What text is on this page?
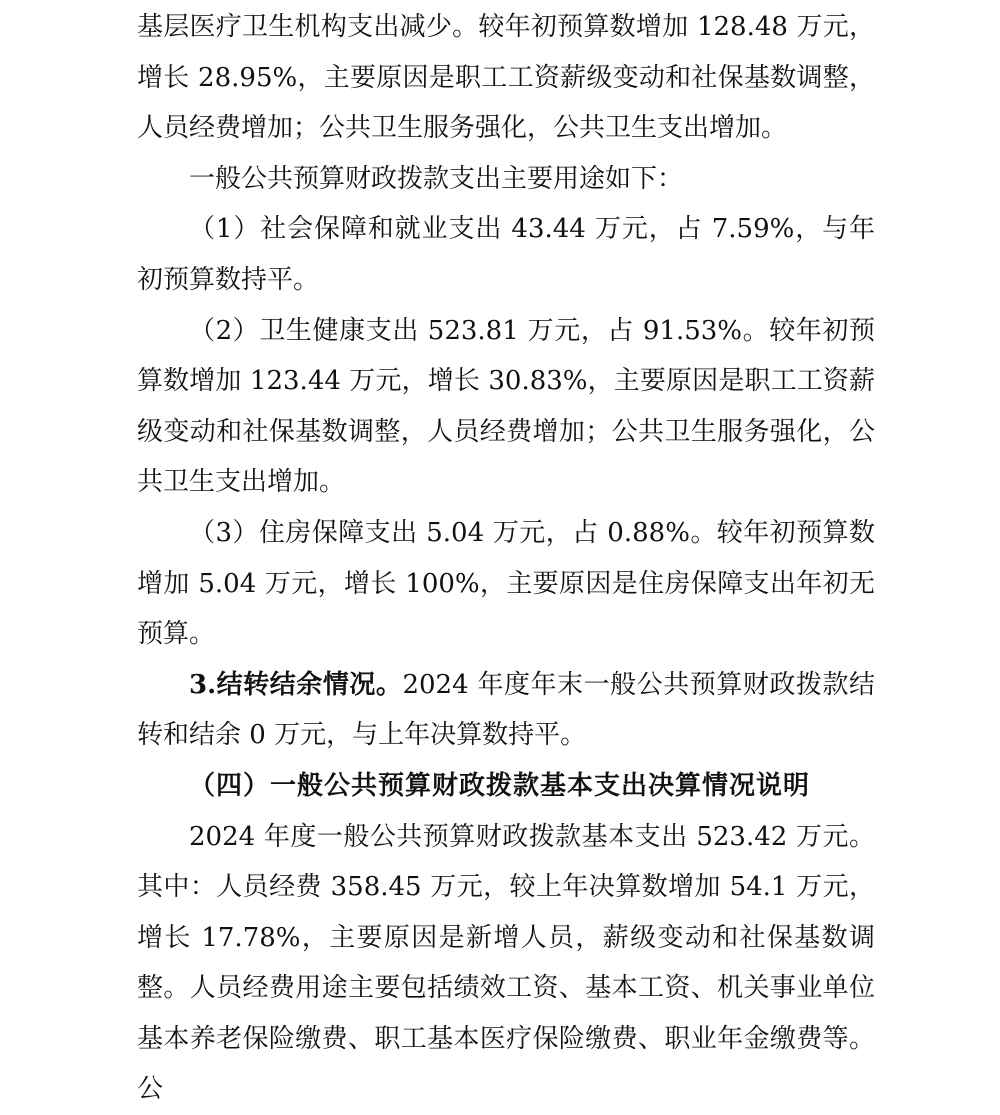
基层医疗卫生机构支出减少。较年初预算数增加 128.48 万元，增长 28.95%，主要原因是职工工资薪级变动和社保基数调整，人员经费增加；公共卫生服务强化，公共卫生支出增加。

一般公共预算财政拨款支出主要用途如下：

（1）社会保障和就业支出 43.44 万元，占 7.59%，与年初预算数持平。

（2）卫生健康支出 523.81 万元，占 91.53%。较年初预算数增加 123.44 万元，增长 30.83%，主要原因是职工工资薪级变动和社保基数调整，人员经费增加；公共卫生服务强化，公共卫生支出增加。

（3）住房保障支出 5.04 万元，占 0.88%。较年初预算数增加 5.04 万元，增长 100%，主要原因是住房保障支出年初无预算。

3.结转结余情况。2024 年度年末一般公共预算财政拨款结转和结余 0 万元，与上年决算数持平。

（四）一般公共预算财政拨款基本支出决算情况说明

2024 年度一般公共预算财政拨款基本支出 523.42 万元。其中：人员经费 358.45 万元，较上年决算数增加 54.1 万元，增长 17.78%，主要原因是新增人员，薪级变动和社保基数调整。人员经费用途主要包括绩效工资、基本工资、机关事业单位基本养老保险缴费、职工基本医疗保险缴费、职业年金缴费等。公
